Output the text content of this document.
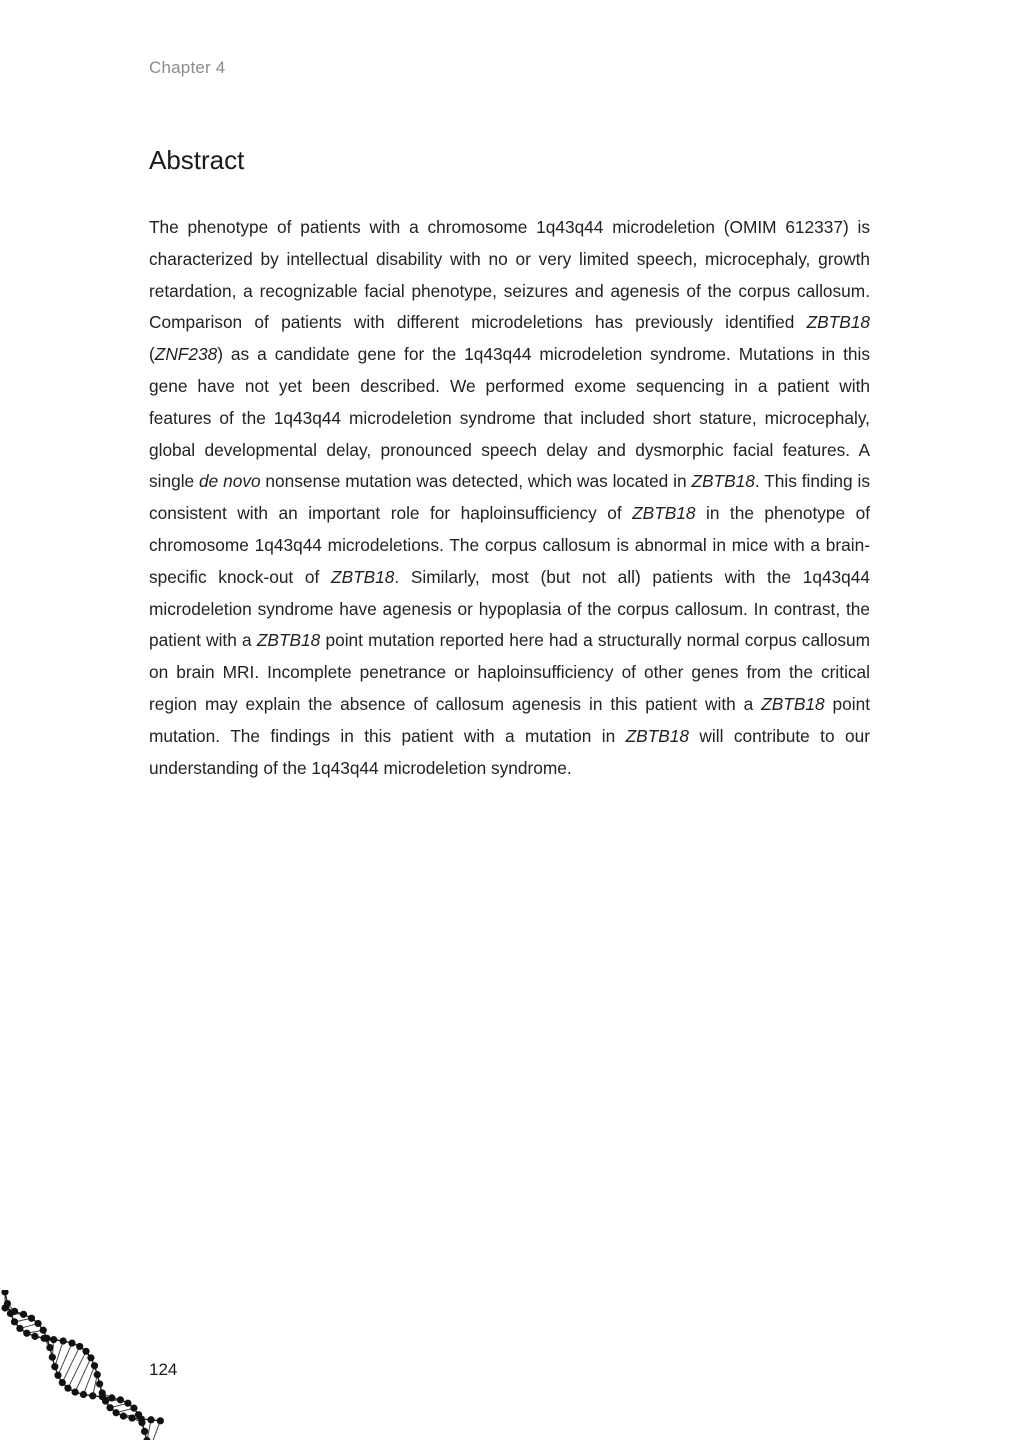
Chapter 4
Abstract

The phenotype of patients with a chromosome 1q43q44 microdeletion (OMIM 612337) is characterized by intellectual disability with no or very limited speech, microcephaly, growth retardation, a recognizable facial phenotype, seizures and agenesis of the corpus callosum. Comparison of patients with different microdeletions has previously identified ZBTB18 (ZNF238) as a candidate gene for the 1q43q44 microdeletion syndrome. Mutations in this gene have not yet been described. We performed exome sequencing in a patient with features of the 1q43q44 microdeletion syndrome that included short stature, microcephaly, global developmental delay, pronounced speech delay and dysmorphic facial features. A single de novo nonsense mutation was detected, which was located in ZBTB18. This finding is consistent with an important role for haploinsufficiency of ZBTB18 in the phenotype of chromosome 1q43q44 microdeletions. The corpus callosum is abnormal in mice with a brain-specific knock-out of ZBTB18. Similarly, most (but not all) patients with the 1q43q44 microdeletion syndrome have agenesis or hypoplasia of the corpus callosum. In contrast, the patient with a ZBTB18 point mutation reported here had a structurally normal corpus callosum on brain MRI. Incomplete penetrance or haploinsufficiency of other genes from the critical region may explain the absence of callosum agenesis in this patient with a ZBTB18 point mutation. The findings in this patient with a mutation in ZBTB18 will contribute to our understanding of the 1q43q44 microdeletion syndrome.

124
